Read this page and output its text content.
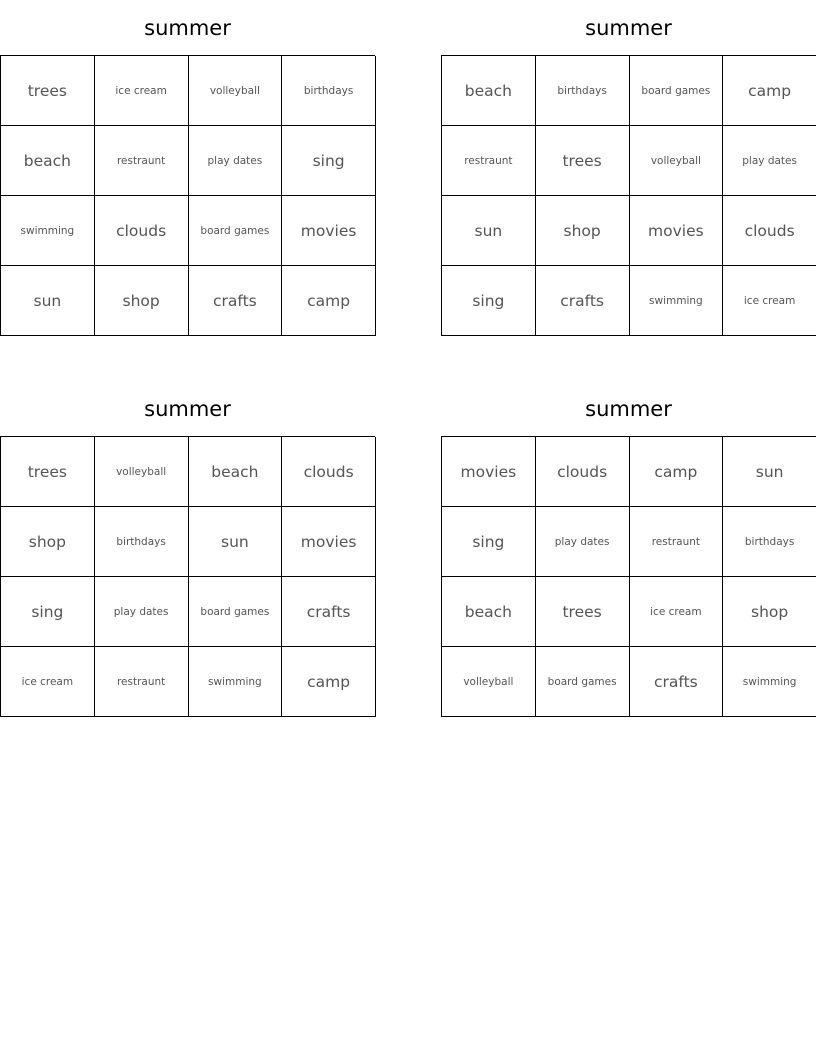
summer
trees	ice cream	volleyball	birthdays
beach	restraunt	play dates	sing
swimming	clouds	board games	movies
sun	shop	crafts	camp
summer
beach	birthdays	board games	camp
restraunt	trees	volleyball	play dates
sun	shop	movies	clouds
sing	crafts	swimming	ice cream
summer
trees	volleyball	beach	clouds
shop	birthdays	sun	movies
sing	play dates	board games	crafts
ice cream	restraunt	swimming	camp
summer
movies	clouds	camp	sun
sing	play dates	restraunt	birthdays
beach	trees	ice cream	shop
volleyball	board games	crafts	swimming
